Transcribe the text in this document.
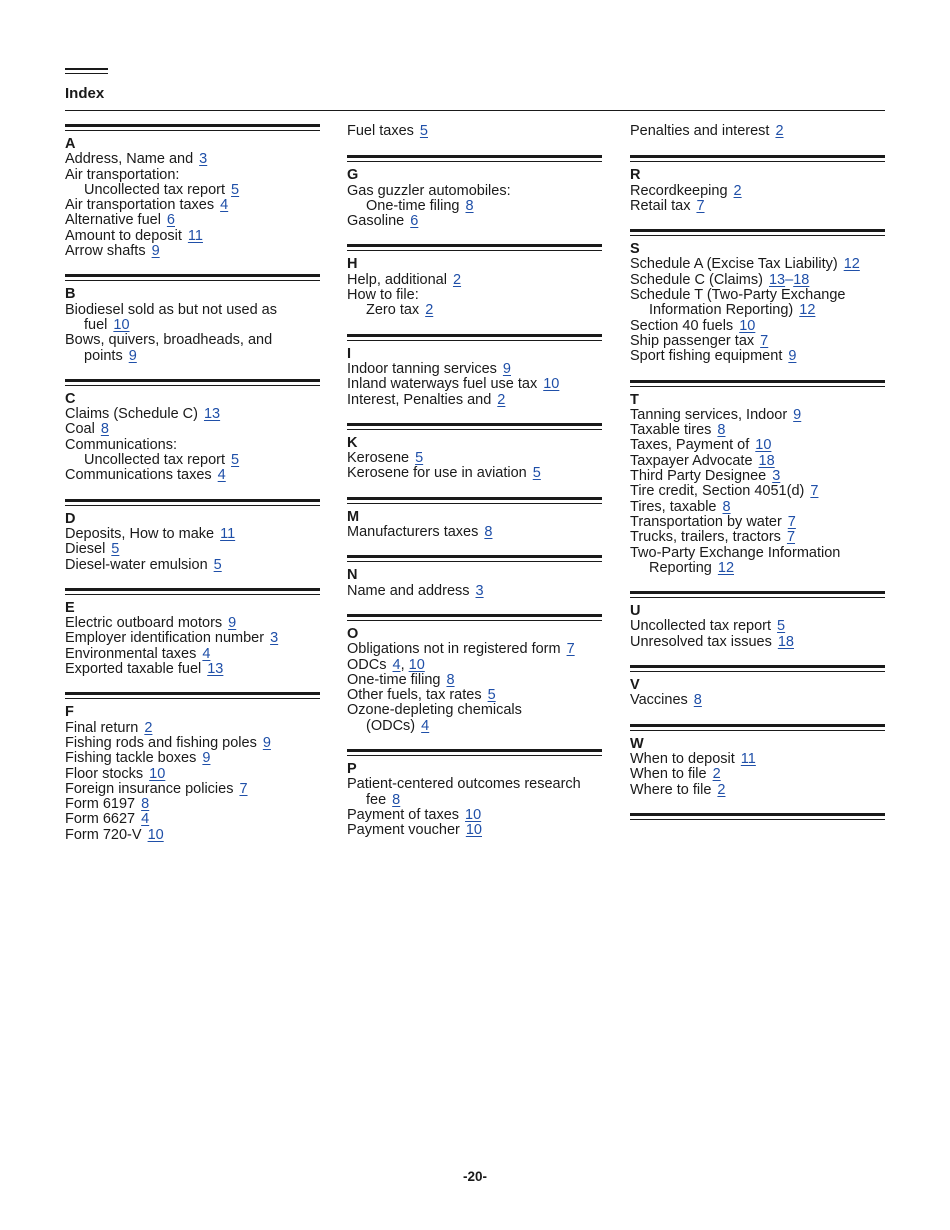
Index
A
Address, Name and 3
Air transportation:
Uncollected tax report 5
Air transportation taxes 4
Alternative fuel 6
Amount to deposit 11
Arrow shafts 9
B
Biodiesel sold as but not used as fuel 10
Bows, quivers, broadheads, and points 9
C
Claims (Schedule C) 13
Coal 8
Communications:
Uncollected tax report 5
Communications taxes 4
D
Deposits, How to make 11
Diesel 5
Diesel-water emulsion 5
E
Electric outboard motors 9
Employer identification number 3
Environmental taxes 4
Exported taxable fuel 13
F
Final return 2
Fishing rods and fishing poles 9
Fishing tackle boxes 9
Floor stocks 10
Foreign insurance policies 7
Form 6197 8
Form 6627 4
Form 720-V 10
Fuel taxes 5
G
Gas guzzler automobiles:
One-time filing 8
Gasoline 6
H
Help, additional 2
How to file:
Zero tax 2
I
Indoor tanning services 9
Inland waterways fuel use tax 10
Interest, Penalties and 2
K
Kerosene 5
Kerosene for use in aviation 5
M
Manufacturers taxes 8
N
Name and address 3
O
Obligations not in registered form 7
ODCs 4, 10
One-time filing 8
Other fuels, tax rates 5
Ozone-depleting chemicals
(ODCs) 4
P
Patient-centered outcomes research fee 8
Payment of taxes 10
Payment voucher 10
Penalties and interest 2
R
Recordkeeping 2
Retail tax 7
S
Schedule A (Excise Tax Liability) 12
Schedule C (Claims) 13–18
Schedule T (Two-Party Exchange Information Reporting) 12
Section 40 fuels 10
Ship passenger tax 7
Sport fishing equipment 9
T
Tanning services, Indoor 9
Taxable tires 8
Taxes, Payment of 10
Taxpayer Advocate 18
Third Party Designee 3
Tire credit, Section 4051(d) 7
Tires, taxable 8
Transportation by water 7
Trucks, trailers, tractors 7
Two-Party Exchange Information Reporting 12
U
Uncollected tax report 5
Unresolved tax issues 18
V
Vaccines 8
W
When to deposit 11
When to file 2
Where to file 2
-20-
